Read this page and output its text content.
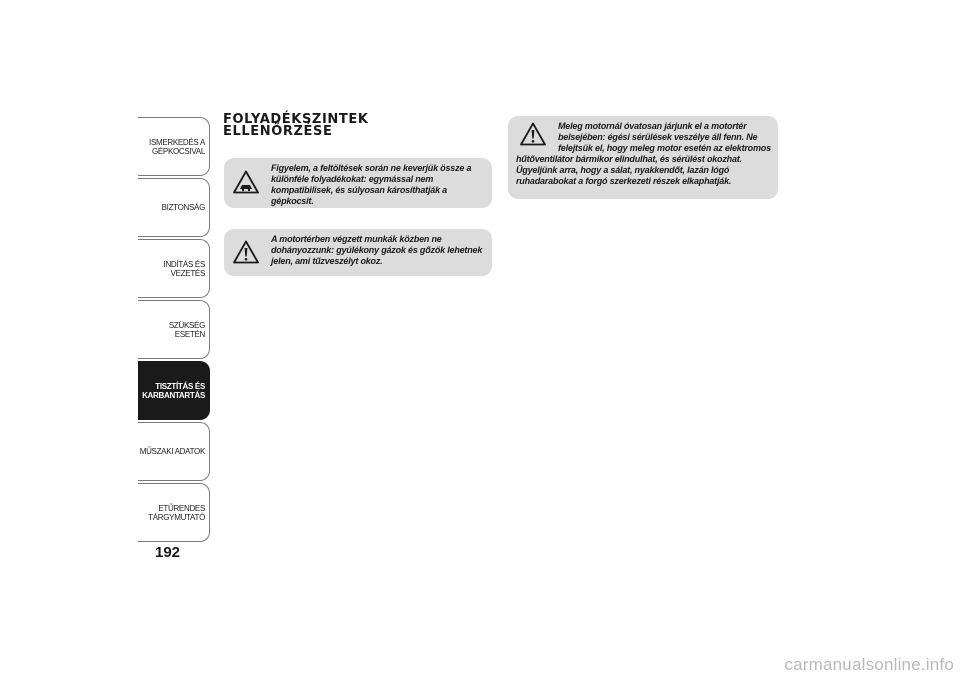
ISMERKEDÉS A GÉPKOCSIVAL
BIZTONSÁG
INDÍTÁS ÉS VEZETÉS
SZÜKSÉG ESETÉN
TISZTÍTÁS ÉS KARBANTARTÁS
MŰSZAKI ADATOK
ETŰRENDES TÁRGYMUTATÓ
192
FOLYADÉKSZINTEK ELLENŐRZÉSE
Figyelem, a feltöltések során ne keverjük össze a különféle folyadékokat: egymással nem kompatibilisek, és súlyosan károsíthatják a gépkocsit.
A motortérben végzett munkák közben ne dohányozzunk: gyúlékony gázok és gőzök lehetnek jelen, ami tűzveszélyt okoz.
Meleg motornál óvatosan járjunk el a motortér belsejében: égési sérülések veszélye áll fenn. Ne felejtsük el, hogy meleg motor esetén az elektromos
hűtőventilátor bármikor elindulhat, és sérülést okozhat. Ügyeljünk arra, hogy a sálat, nyakkendőt, lazán lógó ruhadarabokat a forgó szerkezeti részek elkaphatják.
carmanualsonline.info
